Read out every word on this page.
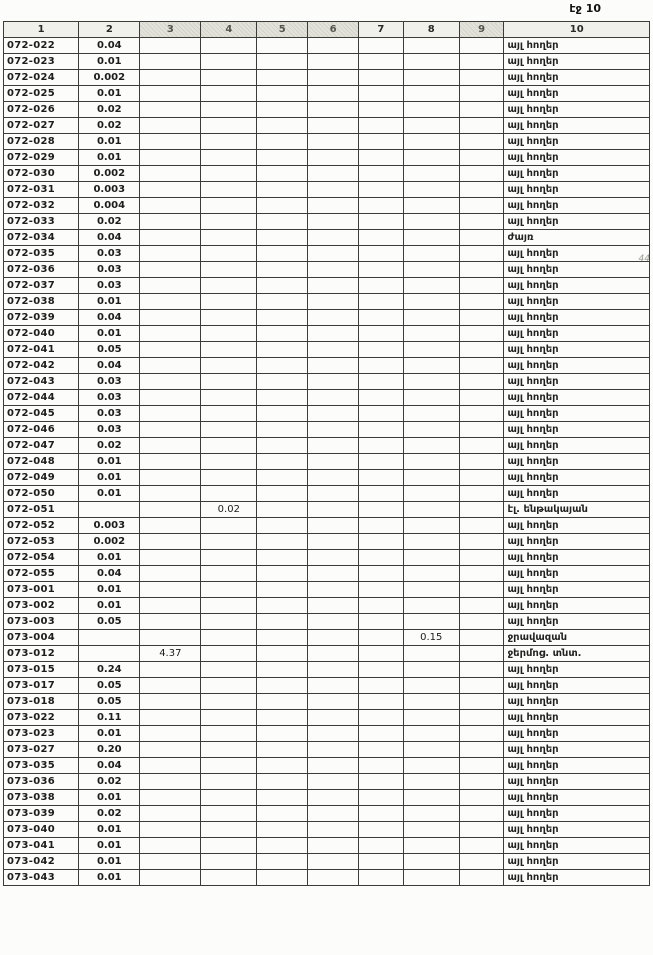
էջ 10
44
1	2	3	4	5	6	7	8	9	10
072-022	0.04								այլ հողեր
072-023	0.01								այլ հողեր
072-024	0.002								այլ հողեր
072-025	0.01								այլ հողեր
072-026	0.02								այլ հողեր
072-027	0.02								այլ հողեր
072-028	0.01								այլ հողեր
072-029	0.01								այլ հողեր
072-030	0.002								այլ հողեր
072-031	0.003								այլ հողեր
072-032	0.004								այլ հողեր
072-033	0.02								այլ հողեր
072-034	0.04								ժայռ
072-035	0.03								այլ հողեր
072-036	0.03								այլ հողեր
072-037	0.03								այլ հողեր
072-038	0.01								այլ հողեր
072-039	0.04								այլ հողեր
072-040	0.01								այլ հողեր
072-041	0.05								այլ հողեր
072-042	0.04								այլ հողեր
072-043	0.03								այլ հողեր
072-044	0.03								այլ հողեր
072-045	0.03								այլ հողեր
072-046	0.03								այլ հողեր
072-047	0.02								այլ հողեր
072-048	0.01								այլ հողեր
072-049	0.01								այլ հողեր
072-050	0.01								այլ հողեր
072-051			0.02						էլ. ենթակայան
072-052	0.003								այլ հողեր
072-053	0.002								այլ հողեր
072-054	0.01								այլ հողեր
072-055	0.04								այլ հողեր
073-001	0.01								այլ հողեր
073-002	0.01								այլ հողեր
073-003	0.05								այլ հողեր
073-004							0.15		ջրավազան
073-012		4.37							ջերմոց. տնտ.
073-015	0.24								այլ հողեր
073-017	0.05								այլ հողեր
073-018	0.05								այլ հողեր
073-022	0.11								այլ հողեր
073-023	0.01								այլ հողեր
073-027	0.20								այլ հողեր
073-035	0.04								այլ հողեր
073-036	0.02								այլ հողեր
073-038	0.01								այլ հողեր
073-039	0.02								այլ հողեր
073-040	0.01								այլ հողեր
073-041	0.01								այլ հողեր
073-042	0.01								այլ հողեր
073-043	0.01								այլ հողեր
